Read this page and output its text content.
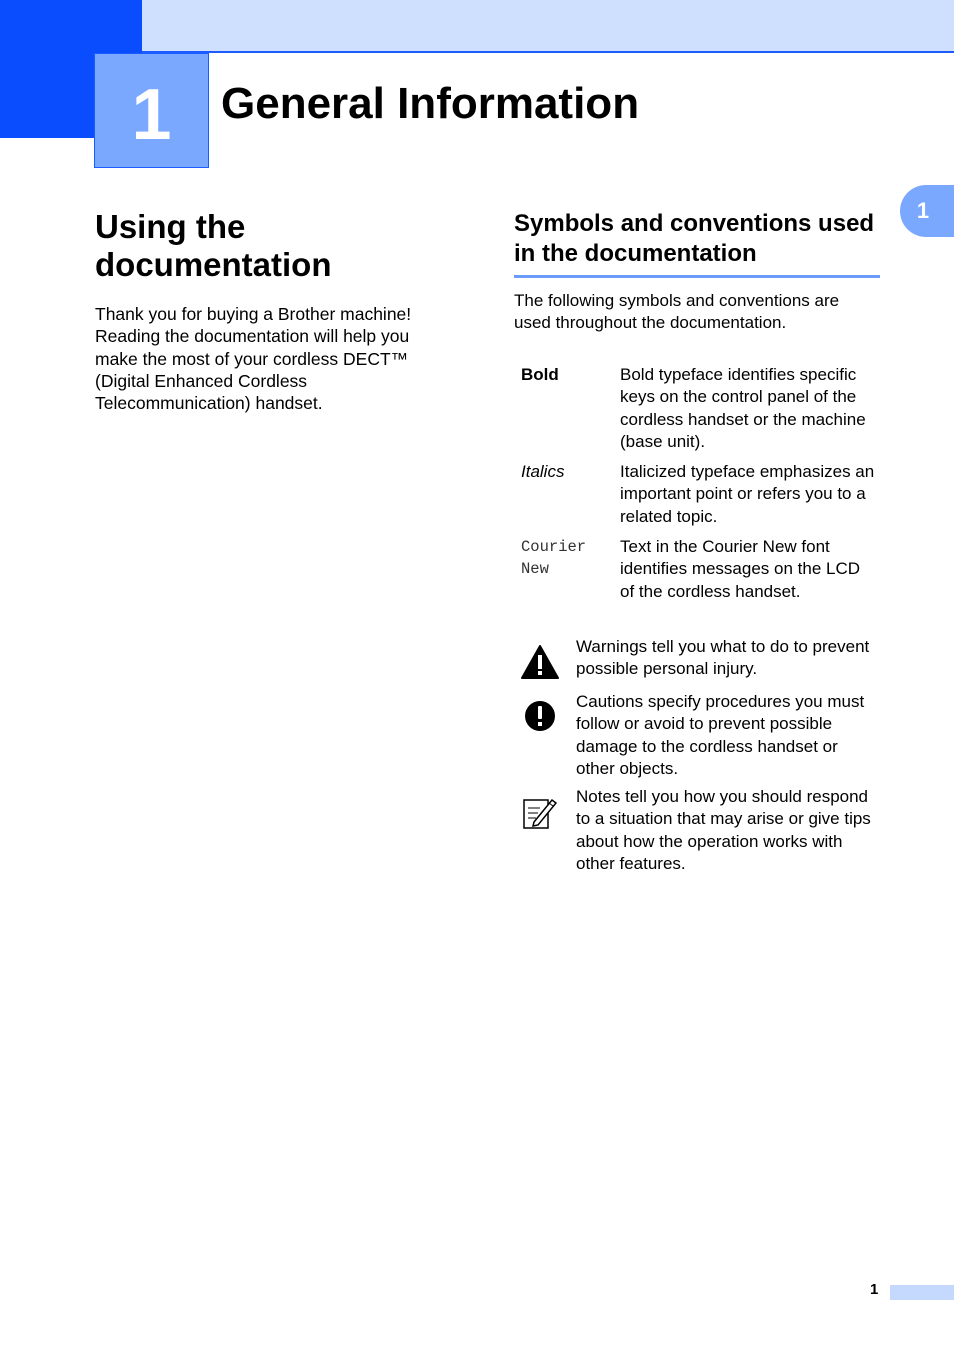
1 General Information
1
Using the documentation

Thank you for buying a Brother machine! Reading the documentation will help you make the most of your cordless DECT™ (Digital Enhanced Cordless Telecommunication) handset.

Symbols and conventions used in the documentation

The following symbols and conventions are used throughout the documentation.

Bold	Bold typeface identifies specific keys on the control panel of the cordless handset or the machine (base unit).
Italics	Italicized typeface emphasizes an important point or refers you to a related topic.
Courier New
Text in the Courier New font identifies messages on the LCD of the cordless handset.
Warnings tell you what to do to prevent possible personal injury.
Cautions specify procedures you must follow or avoid to prevent possible damage to the cordless handset or other objects.
Notes tell you how you should respond to a situation that may arise or give tips about how the operation works with other features.
1
